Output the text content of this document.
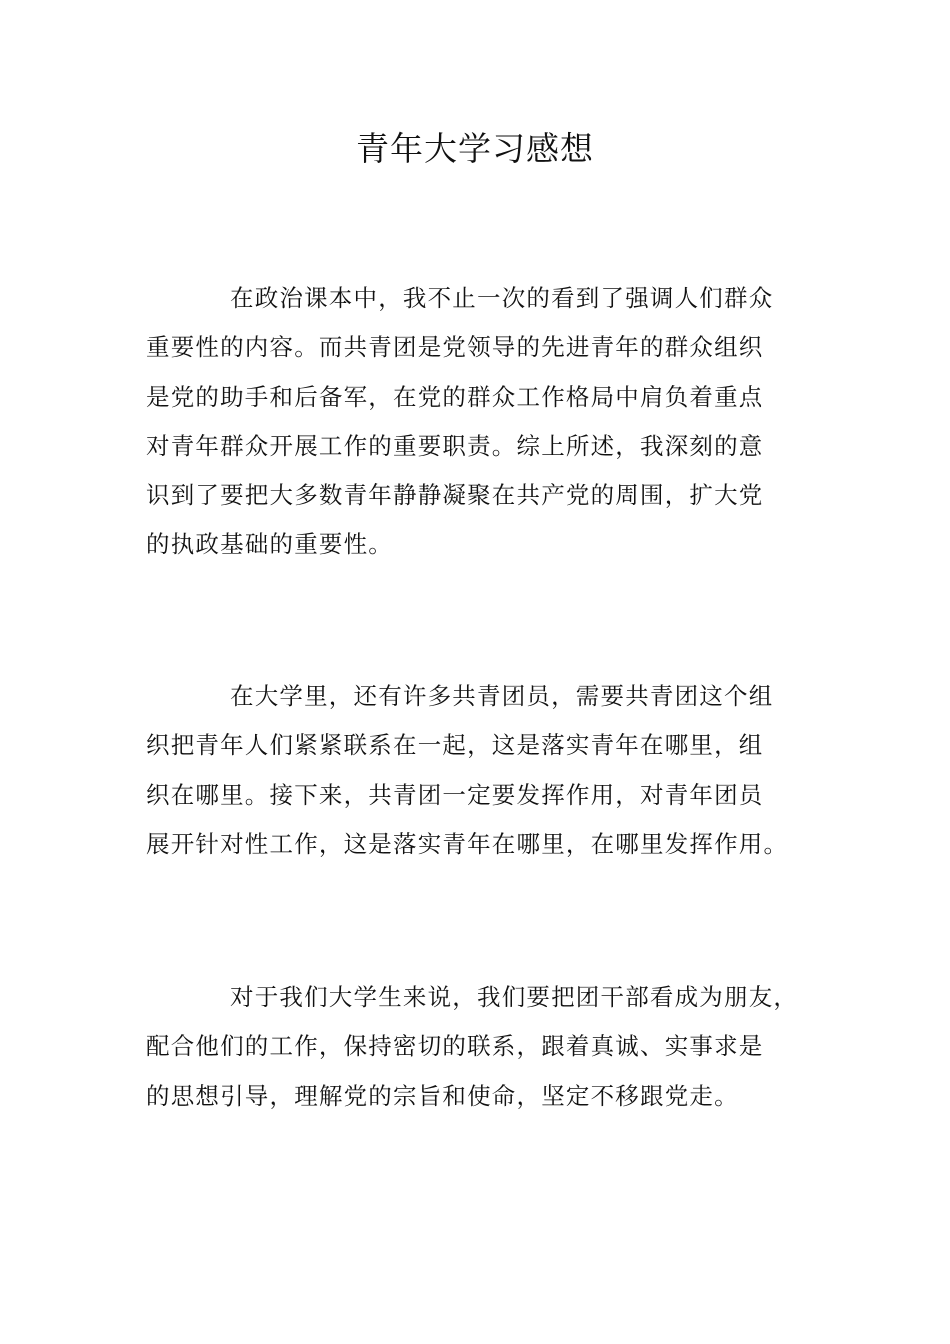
青年大学习感想
在政治课本中，我不止一次的看到了强调人们群众
重要性的内容。而共青团是党领导的先进青年的群众组织
是党的助手和后备军，在党的群众工作格局中肩负着重点
对青年群众开展工作的重要职责。综上所述，我深刻的意
识到了要把大多数青年静静凝聚在共产党的周围，扩大党
的执政基础的重要性。
在大学里，还有许多共青团员，需要共青团这个组
织把青年人们紧紧联系在一起，这是落实青年在哪里，组
织在哪里。接下来，共青团一定要发挥作用，对青年团员
展开针对性工作，这是落实青年在哪里，在哪里发挥作用。
对于我们大学生来说，我们要把团干部看成为朋友，
配合他们的工作，保持密切的联系，跟着真诚、实事求是
的思想引导，理解党的宗旨和使命，坚定不移跟党走。
